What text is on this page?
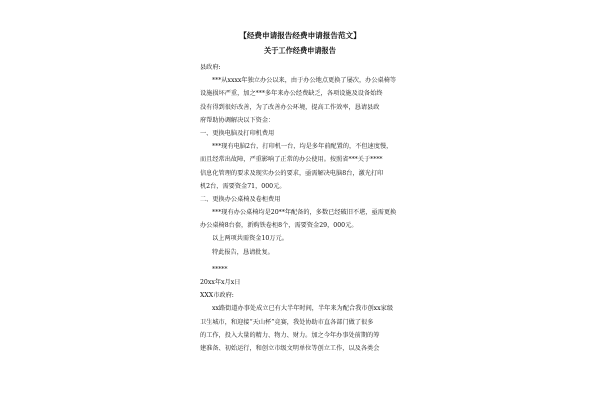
【经费申请报告经费申请报告范文】
关于工作经费申请报告
县政府:
***从xxxx年独立办公以来，由于办公地点更换了屡次，办公桌椅等
设施损坏严重，加之***多年来办公经费缺乏，各项设施及设备始终
没有得到很好改善，为了改善办公环境，提高工作效率，恳请县政
府帮助协调解决以下资金：
一、更换电脑及打印机费用
***现有电脑2台，打印机一台，均是多年前配置的，不但速度慢，
而且经常出故障，严重影响了正常的办公使用。按照省***关于****
信息化管理的要求及现实办公的要求，亟需解决电脑8台，激光打印
机2台，需要资金71，000元。
二、更换办公桌椅及卷柜费用
***现有办公桌椅均是20**年配备的，多数已经破旧不堪，亟需更换
办公桌椅8台套，新购铁卷柜8个，需要资金29，000元。
以上两项共需资金10万元。
特此报告，恳请批复。
*****
20xx年x月x日
XXX市政府:
xx路街道办事处成立已有大半年时间，半年来为配合我市创xx家级
卫生城市，和迎接“天山杯”竞赛，我处协助市直各部门做了很多
的工作，投入大量的精力、物力、财力。加之今年办事处前期的筹
建准备、初始运行，和创立市级文明单位等创立工作，以及各类会
